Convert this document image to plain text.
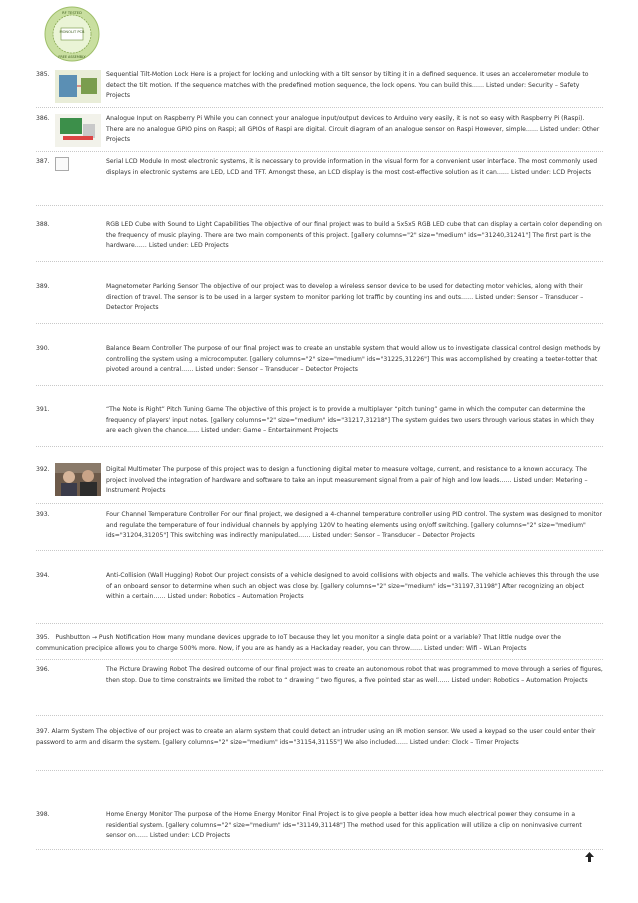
MONOLIT PCB
RF TESTED
FREE ASSEMBLY
385.	Sequential Tilt-Motion Lock Here is a project for locking and unlocking with a tilt sensor by tilting it in a defined sequence. It uses an accelerometer module to detect the tilt motion. If the sequence matches with the predefined motion sequence, the lock opens. You can build this…… Listed under: Security – Safety Projects
386.	Analogue Input on Raspberry Pi While you can connect your analogue input/output devices to Arduino very easily, it is not so easy with Raspberry Pi (Raspi). There are no analogue GPIO pins on Raspi; all GPIOs of Raspi are digital. Circuit diagram of an analogue sensor on Raspi However, simple…… Listed under: Other Projects
387.	Serial LCD Module In most electronic systems, it is necessary to provide information in the visual form for a convenient user interface. The most commonly used displays in electronic systems are LED, LCD and TFT. Amongst these, an LCD display is the most cost-effective solution as it can…… Listed under: LCD Projects
388.	RGB LED Cube with Sound to Light Capabilities The objective of our final project was to build a 5x5x5 RGB LED cube that can display a certain color depending on the frequency of music playing. There are two main components of this project. [gallery columns="2" size="medium" ids="31240,31241"] The first part is the hardware…… Listed under: LED Projects
389.	Magnetometer Parking Sensor The objective of our project was to develop a wireless sensor device to be used for detecting motor vehicles, along with their direction of travel. The sensor is to be used in a larger system to monitor parking lot traffic by counting ins and outs…… Listed under: Sensor – Transducer – Detector Projects
390.	Balance Beam Controller The purpose of our final project was to create an unstable system that would allow us to investigate classical control design methods by controlling the system using a microcomputer. [gallery columns="2" size="medium" ids="31225,31226"] This was accomplished by creating a teeter-totter that pivoted around a central…… Listed under: Sensor – Transducer – Detector Projects
391.	“The Note is Right” Pitch Tuning Game The objective of this project is to provide a multiplayer “pitch tuning” game in which the computer can determine the frequency of players' input notes. [gallery columns="2" size="medium" ids="31217,31218"] The system guides two users through various states in which they are each given the chance…… Listed under: Game – Entertainment Projects
392.	Digital Multimeter The purpose of this project was to design a functioning digital meter to measure voltage, current, and resistance to a known accuracy. The project involved the integration of hardware and software to take an input measurement signal from a pair of high and low leads…… Listed under: Metering – Instrument Projects
393.	Four Channel Temperature Controller For our final project, we designed a 4-channel temperature controller using PID control. The system was designed to monitor and regulate the temperature of four individual channels by applying 120V to heating elements using on/off switching. [gallery columns="2" size="medium" ids="31204,31205"] This switching was indirectly manipulated…… Listed under: Sensor – Transducer – Detector Projects
394.	Anti-Collision (Wall Hugging) Robot Our project consists of a vehicle designed to avoid collisions with objects and walls. The vehicle achieves this through the use of an onboard sensor to determine when such an object was close by. [gallery columns="2" size="medium" ids="31197,31198"] After recognizing an object within a certain…… Listed under: Robotics – Automation Projects
395. Pushbutton → Push Notification How many mundane devices upgrade to IoT because they let you monitor a single data point or a variable? That little nudge over the communication precipice allows you to charge 500% more. Now, if you are as handy as a Hackaday reader, you can throw…… Listed under: Wifi - WLan Projects
396.	The Picture Drawing Robot The desired outcome of our final project was to create an autonomous robot that was programmed to move through a series of figures, then stop. Due to time constraints we limited the robot to “ drawing ” two figures, a five pointed star as well…… Listed under: Robotics – Automation Projects
397. Alarm System The objective of our project was to create an alarm system that could detect an intruder using an IR motion sensor. We used a keypad so the user could enter their password to arm and disarm the system. [gallery columns="2" size="medium" ids="31154,31155"] We also included…… Listed under: Clock – Timer Projects
398.	Home Energy Monitor The purpose of the Home Energy Monitor Final Project is to give people a better idea how much electrical power they consume in a residential system. [gallery columns="2" size="medium" ids="31149,31148"] The method used for this application will utilize a clip on noninvasive current sensor on…… Listed under: LCD Projects
